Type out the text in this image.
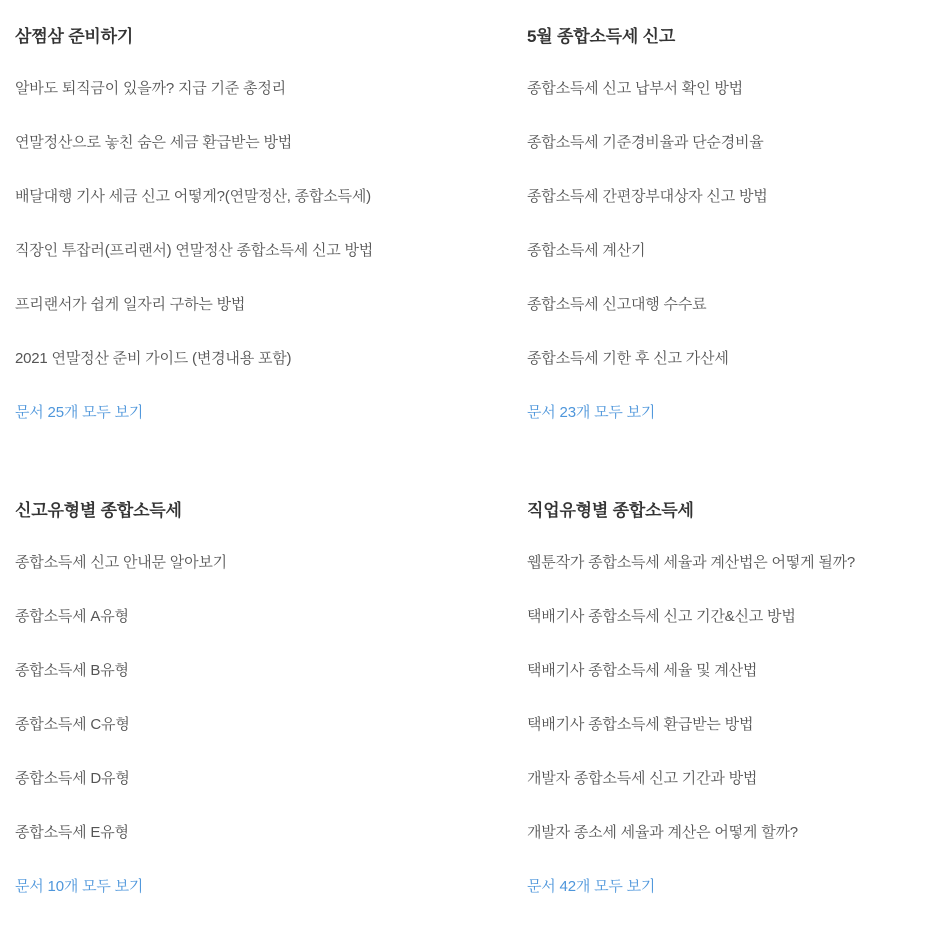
삼쩜삼 준비하기
알바도 퇴직금이 있을까? 지급 기준 총정리
연말정산으로 놓친 숨은 세금 환급받는 방법
배달대행 기사 세금 신고 어떻게?(연말정산, 종합소득세)
직장인 투잡러(프리랜서) 연말정산 종합소득세 신고 방법
프리랜서가 쉽게 일자리 구하는 방법
2021 연말정산 준비 가이드 (변경내용 포함)
문서 25개 모두 보기
5월 종합소득세 신고
종합소득세 신고 납부서 확인 방법
종합소득세 기준경비율과 단순경비율
종합소득세 간편장부대상자 신고 방법
종합소득세 계산기
종합소득세 신고대행 수수료
종합소득세 기한 후 신고 가산세
문서 23개 모두 보기
신고유형별 종합소득세
종합소득세 신고 안내문 알아보기
종합소득세 A유형
종합소득세 B유형
종합소득세 C유형
종합소득세 D유형
종합소득세 E유형
문서 10개 모두 보기
직업유형별 종합소득세
웹툰작가 종합소득세 세율과 계산법은 어떻게 될까?
택배기사 종합소득세 신고 기간&신고 방법
택배기사 종합소득세 세율 및 계산법
택배기사 종합소득세 환급받는 방법
개발자 종합소득세 신고 기간과 방법
개발자 종소세 세율과 계산은 어떻게 할까?
문서 42개 모두 보기
